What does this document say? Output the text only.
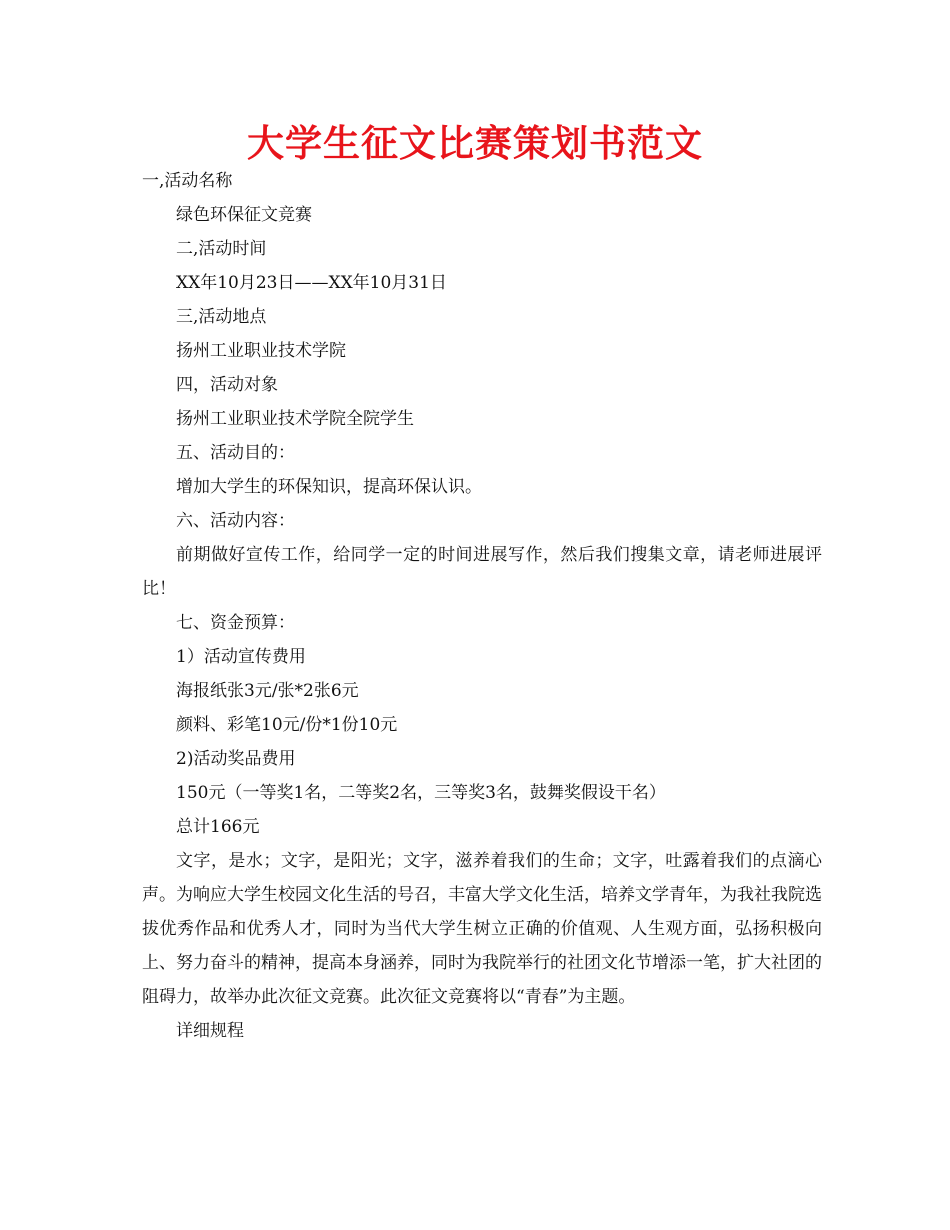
大学生征文比赛策划书范文

一,活动名称

绿色环保征文竞赛

二,活动时间

XX年10月23日——XX年10月31日

三,活动地点

扬州工业职业技术学院

四，活动对象

扬州工业职业技术学院全院学生

五、活动目的：

增加大学生的环保知识，提高环保认识。

六、活动内容：

前期做好宣传工作，给同学一定的时间进展写作，然后我们搜集文章，请老师进展评比！

七、资金预算：

1）活动宣传费用

海报纸张3元/张*2张6元

颜料、彩笔10元/份*1份10元

2)活动奖品费用

150元（一等奖1名，二等奖2名，三等奖3名，鼓舞奖假设干名）

总计166元

文字，是水；文字，是阳光；文字，滋养着我们的生命；文字，吐露着我们的点滴心声。为响应大学生校园文化生活的号召，丰富大学文化生活，培养文学青年，为我社我院选拔优秀作品和优秀人才，同时为当代大学生树立正确的价值观、人生观方面，弘扬积极向上、努力奋斗的精神，提高本身涵养，同时为我院举行的社团文化节增添一笔，扩大社团的阻碍力，故举办此次征文竞赛。此次征文竞赛将以“青春”为主题。

详细规程
